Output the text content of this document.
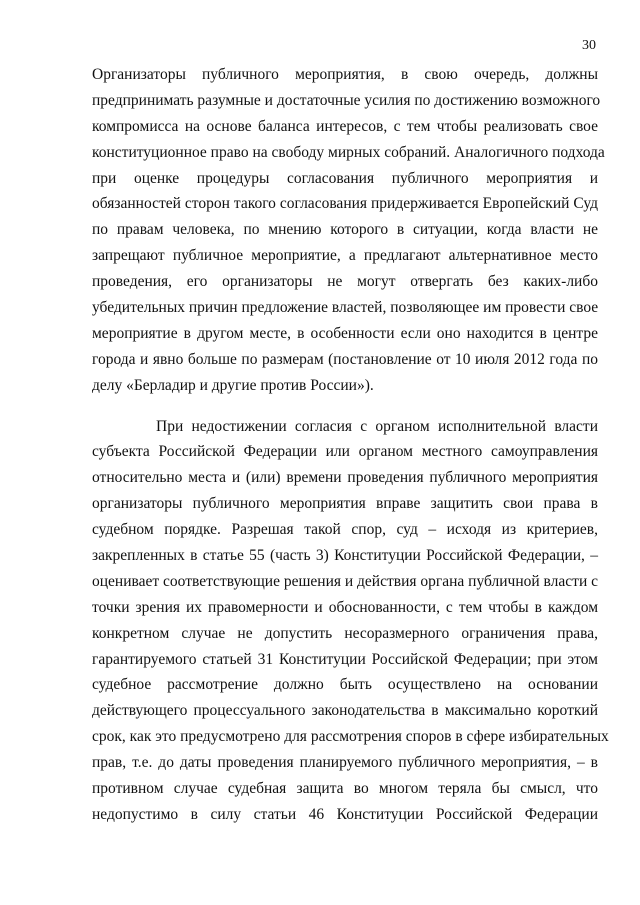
30
Организаторы публичного мероприятия, в свою очередь, должны
предпринимать разумные и достаточные усилия по достижению возможного
компромисса на основе баланса интересов, с тем чтобы реализовать свое
конституционное право на свободу мирных собраний. Аналогичного подхода
при оценке процедуры согласования публичного мероприятия и
обязанностей сторон такого согласования придерживается Европейский Суд
по правам человека, по мнению которого в ситуации, когда власти не
запрещают публичное мероприятие, а предлагают альтернативное место
проведения, его организаторы не могут отвергать без каких-либо
убедительных причин предложение властей, позволяющее им провести свое
мероприятие в другом месте, в особенности если оно находится в центре
города и явно больше по размерам (постановление от 10 июля 2012 года по
делу «Берладир и другие против России»).
При недостижении согласия с органом исполнительной власти
субъекта Российской Федерации или органом местного самоуправления
относительно места и (или) времени проведения публичного мероприятия
организаторы публичного мероприятия вправе защитить свои права в
судебном порядке. Разрешая такой спор, суд – исходя из критериев,
закрепленных в статье 55 (часть 3) Конституции Российской Федерации, –
оценивает соответствующие решения и действия органа публичной власти с
точки зрения их правомерности и обоснованности, с тем чтобы в каждом
конкретном случае не допустить несоразмерного ограничения права,
гарантируемого статьей 31 Конституции Российской Федерации; при этом
судебное рассмотрение должно быть осуществлено на основании
действующего процессуального законодательства в максимально короткий
срок, как это предусмотрено для рассмотрения споров в сфере избирательных
прав, т.е. до даты проведения планируемого публичного мероприятия, – в
противном случае судебная защита во многом теряла бы смысл, что
недопустимо в силу статьи 46 Конституции Российской Федерации
